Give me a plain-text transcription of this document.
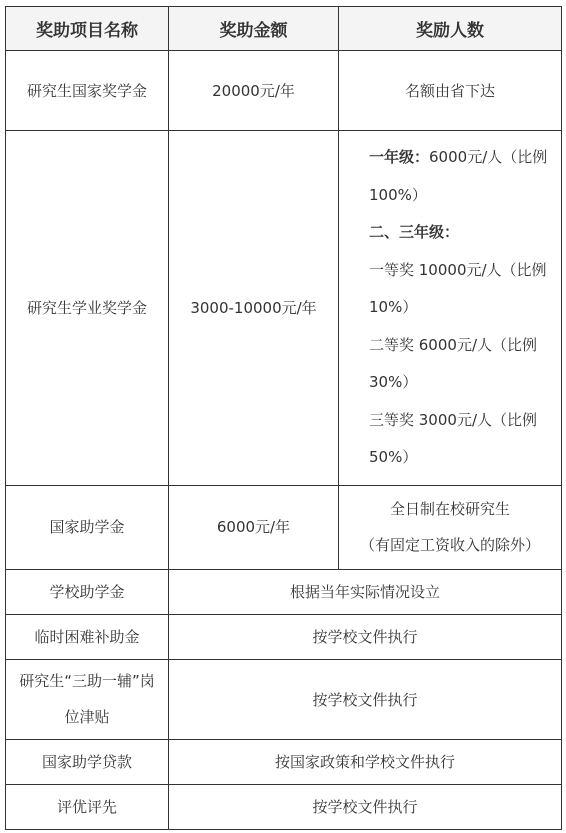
奖助项目名称	奖助金额	奖励人数
研究生国家奖学金	20000元/年	名额由省下达
研究生学业奖学金	3000-10000元/年	一年级：6000元/人（比例100%）
二、三年级：
一等奖 10000元/人（比例10%）
二等奖 6000元/人（比例30%）
三等奖 3000元/人（比例50%）

国家助学金	6000元/年	全日制在校研究生
（有固定工资收入的除外）

学校助学金	根据当年实际情况设立	
临时困难补助金	按学校文件执行	
研究生“三助一辅”岗位津贴	按学校文件执行	
国家助学贷款	按国家政策和学校文件执行	
评优评先	按学校文件执行	
